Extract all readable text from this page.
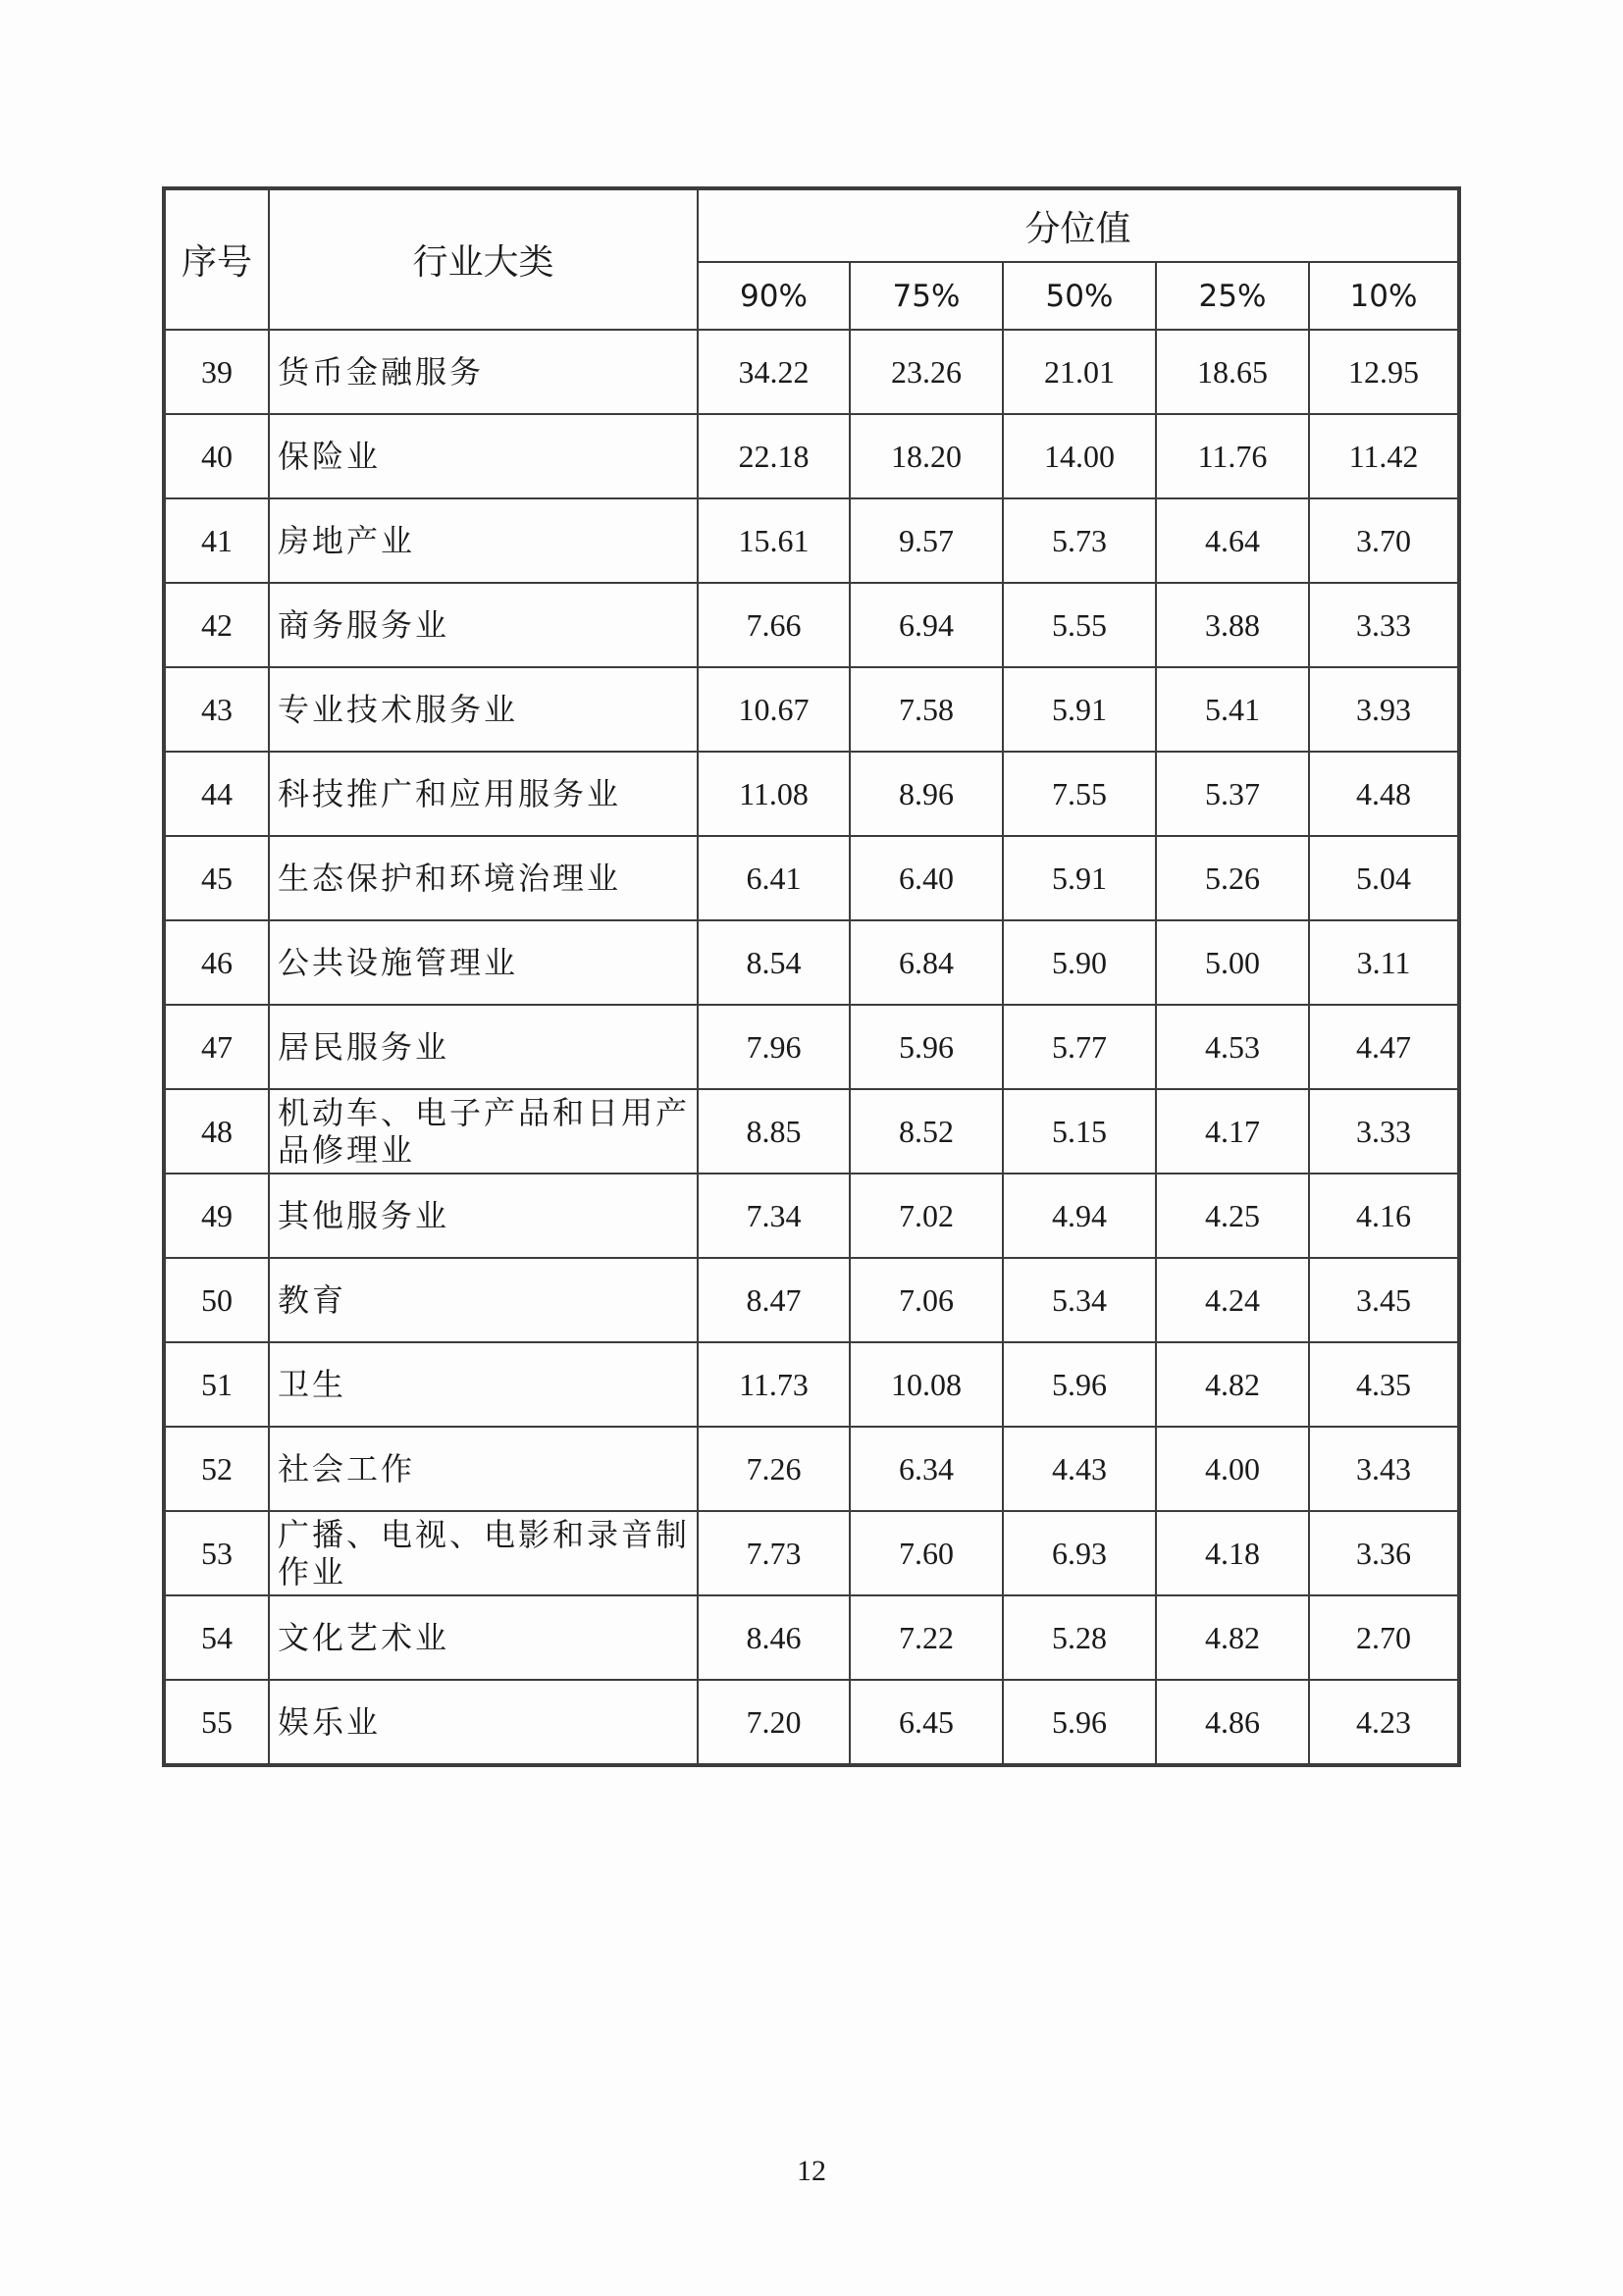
序号	行业大类	分位值				
		90%	75%	50%	25%	10%
39	货币金融服务	34.22	23.26	21.01	18.65	12.95
40	保险业	22.18	18.20	14.00	11.76	11.42
41	房地产业	15.61	9.57	5.73	4.64	3.70
42	商务服务业	7.66	6.94	5.55	3.88	3.33
43	专业技术服务业	10.67	7.58	5.91	5.41	3.93
44	科技推广和应用服务业	11.08	8.96	7.55	5.37	4.48
45	生态保护和环境治理业	6.41	6.40	5.91	5.26	5.04
46	公共设施管理业	8.54	6.84	5.90	5.00	3.11
47	居民服务业	7.96	5.96	5.77	4.53	4.47
48	机动车、电子产品和日用产品修理业	8.85	8.52	5.15	4.17	3.33
49	其他服务业	7.34	7.02	4.94	4.25	4.16
50	教育	8.47	7.06	5.34	4.24	3.45
51	卫生	11.73	10.08	5.96	4.82	4.35
52	社会工作	7.26	6.34	4.43	4.00	3.43
53	广播、电视、电影和录音制作业	7.73	7.60	6.93	4.18	3.36
54	文化艺术业	8.46	7.22	5.28	4.82	2.70
55	娱乐业	7.20	6.45	5.96	4.86	4.23
12
